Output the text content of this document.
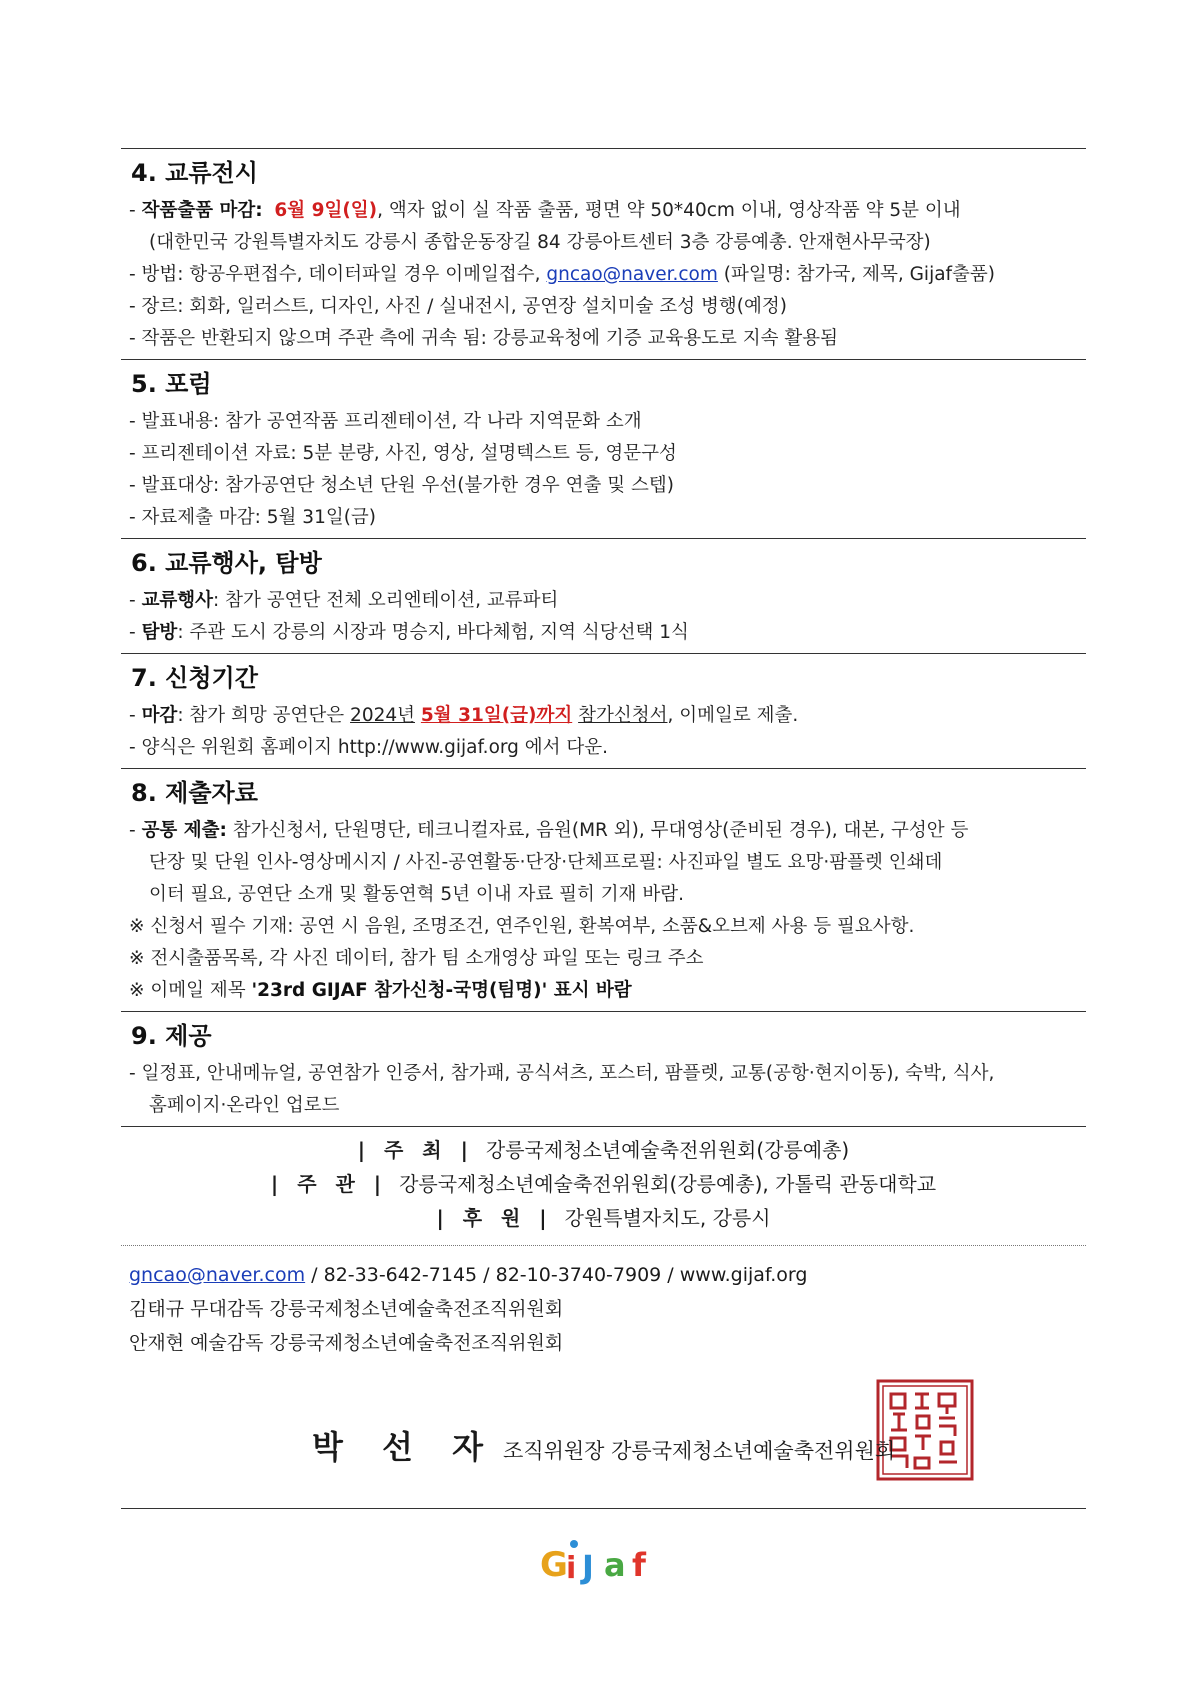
4. 교류전시
- 작품출품 마감: 6월 9일(일), 액자 없이 실 작품 출품, 평면 약 50*40cm 이내, 영상작품 약 5분 이내
(대한민국 강원특별자치도 강릉시 종합운동장길 84 강릉아트센터 3층 강릉예총. 안재현사무국장)
- 방법: 항공우편접수, 데이터파일 경우 이메일접수, gncao@naver.com (파일명: 참가국, 제목, Gijaf출품)
- 장르: 회화, 일러스트, 디자인, 사진 / 실내전시, 공연장 설치미술 조성 병행(예정)
- 작품은 반환되지 않으며 주관 측에 귀속 됨: 강릉교육청에 기증 교육용도로 지속 활용됨
5. 포럼
- 발표내용: 참가 공연작품 프리젠테이션, 각 나라 지역문화 소개
- 프리젠테이션 자료: 5분 분량, 사진, 영상, 설명텍스트 등, 영문구성
- 발표대상: 참가공연단 청소년 단원 우선(불가한 경우 연출 및 스텝)
- 자료제출 마감: 5월 31일(금)
6. 교류행사, 탐방
- 교류행사: 참가 공연단 전체 오리엔테이션, 교류파티
- 탐방: 주관 도시 강릉의 시장과 명승지, 바다체험, 지역 식당선택 1식
7. 신청기간
- 마감: 참가 희망 공연단은 2024년 5월 31일(금)까지 참가신청서, 이메일로 제출.
- 양식은 위원회 홈페이지 http://www.gijaf.org 에서 다운.
8. 제출자료
- 공통 제출: 참가신청서, 단원명단, 테크니컬자료, 음원(MR 외), 무대영상(준비된 경우), 대본, 구성안 등
단장 및 단원 인사-영상메시지 / 사진-공연활동·단장·단체프로필: 사진파일 별도 요망·팜플렛 인쇄데
이터 필요, 공연단 소개 및 활동연혁 5년 이내 자료 필히 기재 바람.
※ 신청서 필수 기재: 공연 시 음원, 조명조건, 연주인원, 환복여부, 소품&오브제 사용 등 필요사항.
※ 전시출품목록, 각 사진 데이터, 참가 팀 소개영상 파일 또는 링크 주소
※ 이메일 제목 '23rd GIJAF 참가신청-국명(팀명)' 표시 바람
9. 제공
- 일정표, 안내메뉴얼, 공연참가 인증서, 참가패, 공식셔츠, 포스터, 팜플렛, 교통(공항·현지이동), 숙박, 식사,
홈페이지·온라인 업로드
| 주 최 | 강릉국제청소년예술축전위원회(강릉예총)
| 주 관 | 강릉국제청소년예술축전위원회(강릉예총), 가톨릭 관동대학교
| 후 원 | 강원특별자치도, 강릉시
gncao@naver.com / 82-33-642-7145 / 82-10-3740-7909 / www.gijaf.org
김태규 무대감독 강릉국제청소년예술축전조직위원회
안재현 예술감독 강릉국제청소년예술축전조직위원회
박 선 자 조직위원장 강릉국제청소년예술축전위원회
G
i J a f
